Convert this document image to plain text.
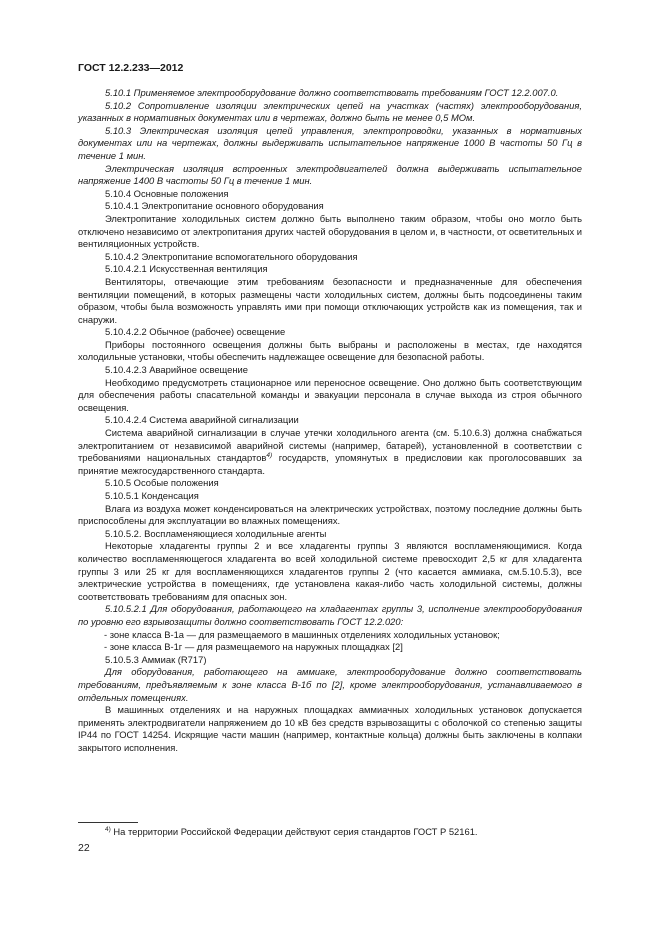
ГОСТ 12.2.233—2012

5.10.1 Применяемое электрооборудование должно соответствовать требованиям ГОСТ 12.2.007.0.

5.10.2 Сопротивление изоляции электрических цепей на участках (частях) электрооборудования, указанных в нормативных документах или в чертежах, должно быть не менее 0,5 МОм.

5.10.3 Электрическая изоляция цепей управления, электропроводки, указанных в нормативных документах или на чертежах, должны выдерживать испытательное напряжение 1000 В частоты 50 Гц в течение 1 мин.

Электрическая изоляция встроенных электродвигателей должна выдерживать испытательное напряжение 1400 В частоты 50 Гц в течение 1 мин.

5.10.4 Основные положения

5.10.4.1 Электропитание основного оборудования

Электропитание холодильных систем должно быть выполнено таким образом, чтобы оно могло быть отключено независимо от электропитания других частей оборудования в целом и, в частности, от осветительных и вентиляционных устройств.

5.10.4.2 Электропитание вспомогательного оборудования

5.10.4.2.1 Искусственная вентиляция

Вентиляторы, отвечающие этим требованиям безопасности и предназначенные для обеспечения вентиляции помещений, в которых размещены части холодильных систем, должны быть подсоединены таким образом, чтобы была возможность управлять ими при помощи отключающих устройств как из помещения, так и снаружи.

5.10.4.2.2 Обычное (рабочее) освещение

Приборы постоянного освещения должны быть выбраны и расположены в местах, где находятся холодильные установки, чтобы обеспечить надлежащее освещение для безопасной работы.

5.10.4.2.3 Аварийное освещение

Необходимо предусмотреть стационарное или переносное освещение. Оно должно быть соответствующим для обеспечения работы спасательной команды и эвакуации персонала в случае выхода из строя обычного освещения.

5.10.4.2.4 Система аварийной сигнализации

Система аварийной сигнализации в случае утечки холодильного агента (см. 5.10.6.3) должна снабжаться электропитанием от независимой аварийной системы (например, батарей), установленной в соответствии с требованиями национальных стандартов$^{4)}$ государств, упомянутых в предисловии как проголосовавших за принятие межгосударственного стандарта.

5.10.5 Особые положения

5.10.5.1 Конденсация

Влага из воздуха может конденсироваться на электрических устройствах, поэтому последние должны быть приспособлены для эксплуатации во влажных помещениях.

5.10.5.2. Воспламеняющиеся холодильные агенты

Некоторые хладагенты группы 2 и все хладагенты группы 3 являются воспламеняющимися. Когда количество воспламеняющегося хладагента во всей холодильной системе превосходит 2,5 кг для хладагента группы 3 или 25 кг для воспламеняющихся хладагентов группы 2 (что касается аммиака, см.5.10.5.3), все электрические устройства в помещениях, где установлена какая-либо часть холодильной системы, должны соответствовать требованиям для опасных зон.

5.10.5.2.1 Для оборудования, работающего на хладагентах группы 3, исполнение электрооборудования по уровню его взрывозащиты должно соответствовать ГОСТ 12.2.020:

- зоне класса В-1а — для размещаемого в машинных отделениях холодильных установок;

- зоне класса В-1г — для размещаемого на наружных площадках [2]

5.10.5.3 Аммиак (R717)

Для оборудования, работающего на аммиаке, электрооборудование должно соответствовать требованиям, предъявляемым к зоне класса В-1б по [2], кроме электрооборудования, устанавливаемого в отдельных помещениях.

В машинных отделениях и на наружных площадках аммиачных холодильных установок допускается применять электродвигатели напряжением до 10 кВ без средств взрывозащиты с оболочкой со степенью защиты IP44 по ГОСТ 14254. Искрящие части машин (например, контактные кольца) должны быть заключены в колпаки закрытого исполнения.

$^{4)}$ На территории Российской Федерации действуют серия стандартов ГОСТ Р 52161.
22
